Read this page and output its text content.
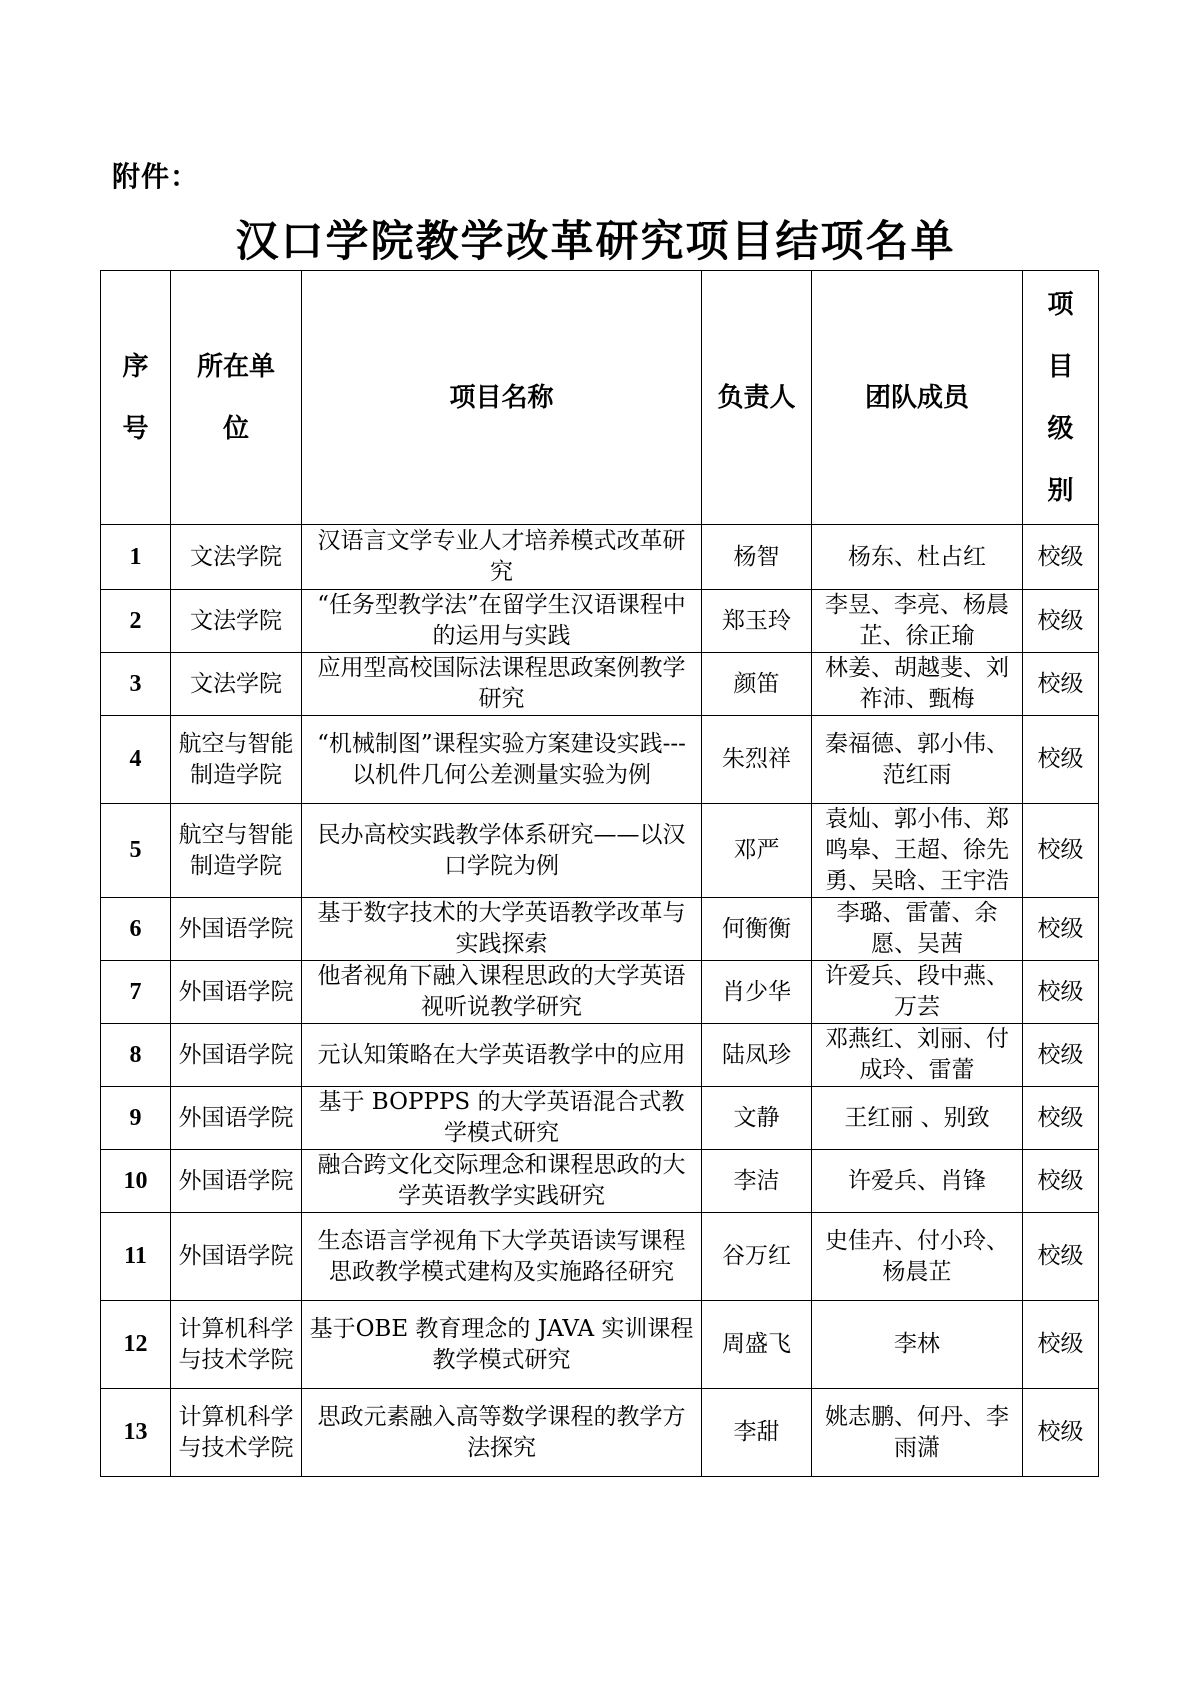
附件：
汉口学院教学改革研究项目结项名单
序号	所在单位	项目名称	负责人	团队成员	项目级别
1	文法学院	汉语言文学专业人才培养模式改革研究	杨智	杨东、杜占红	校级
2	文法学院	“任务型教学法”在留学生汉语课程中的运用与实践	郑玉玲	李昱、李亮、杨晨芷、徐正瑜	校级
3	文法学院	应用型高校国际法课程思政案例教学研究	颜笛	林姜、胡越斐、刘祚沛、甄梅	校级
4	航空与智能制造学院	“机械制图”课程实验方案建设实践---以机件几何公差测量实验为例	朱烈祥	秦福德、郭小伟、范红雨	校级
5	航空与智能制造学院	民办高校实践教学体系研究——以汉口学院为例	邓严	袁灿、郭小伟、郑鸣皋、王超、徐先勇、吴晗、王宇浩	校级
6	外国语学院	基于数字技术的大学英语教学改革与实践探索	何衡衡	李璐、雷蕾、余愿、吴茜	校级
7	外国语学院	他者视角下融入课程思政的大学英语视听说教学研究	肖少华	许爱兵、段中燕、万芸	校级
8	外国语学院	元认知策略在大学英语教学中的应用	陆凤珍	邓燕红、刘丽、付成玲、雷蕾	校级
9	外国语学院	基于 BOPPPS 的大学英语混合式教学模式研究	文静	王红丽 、别致	校级
10	外国语学院	融合跨文化交际理念和课程思政的大学英语教学实践研究	李洁	许爱兵、肖锋	校级
11	外国语学院	生态语言学视角下大学英语读写课程思政教学模式建构及实施路径研究	谷万红	史佳卉、付小玲、杨晨芷	校级
12	计算机科学与技术学院	基于OBE 教育理念的 JAVA 实训课程教学模式研究	周盛飞	李林	校级
13	计算机科学与技术学院	思政元素融入高等数学课程的教学方法探究	李甜	姚志鹏、何丹、李雨潇	校级
